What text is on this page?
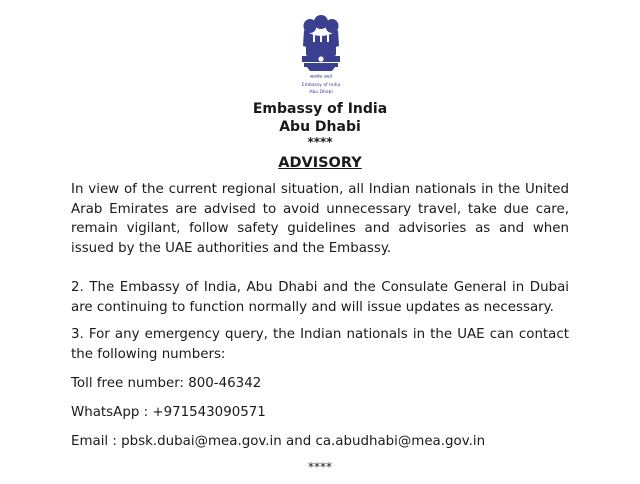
सत्यमेव जयते
Embassy of India
Abu Dhabi
Embassy of India
Abu Dhabi
****
ADVISORY
In view of the current regional situation, all Indian nationals in the United Arab Emirates are advised to avoid unnecessary travel, take due care, remain vigilant, follow safety guidelines and advisories as and when issued by the UAE authorities and the Embassy.
2. The Embassy of India, Abu Dhabi and the Consulate General in Dubai are continuing to function normally and will issue updates as necessary.
3. For any emergency query, the Indian nationals in the UAE can contact the following numbers:
Toll free number: 800-46342
WhatsApp : +971543090571
Email : pbsk.dubai@mea.gov.in and ca.abudhabi@mea.gov.in
****
